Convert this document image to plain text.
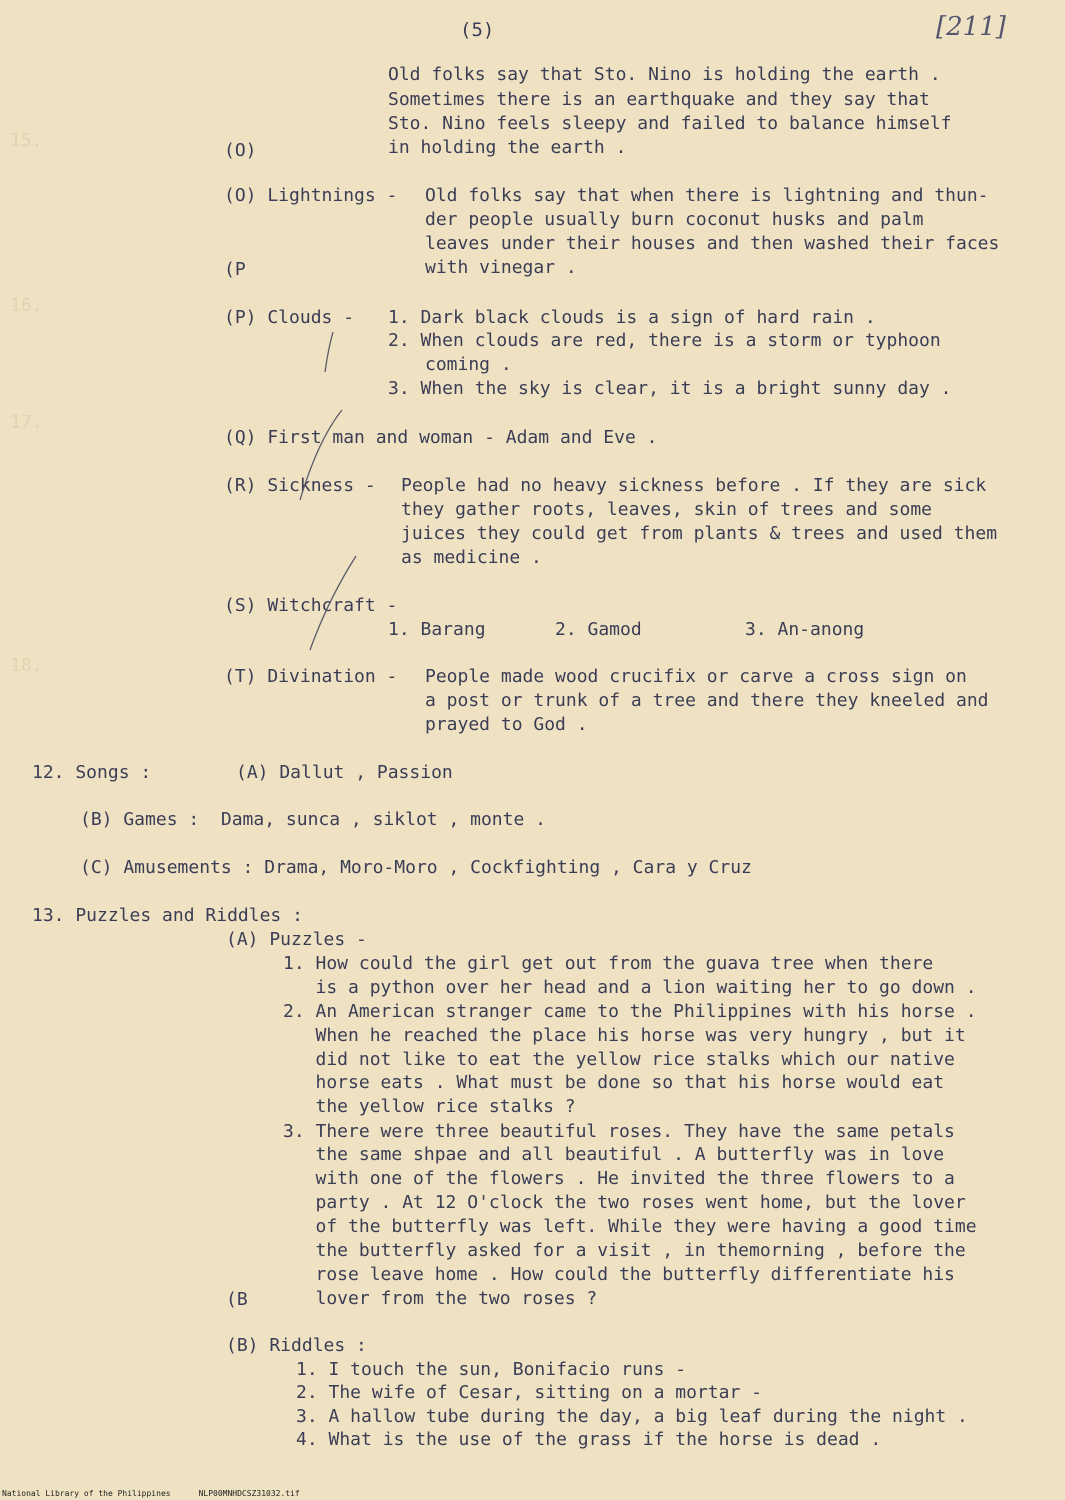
15.
16.
17.
18.
(5)	[211]
Old folks say that Sto. Nino is holding the earth .
Sometimes there is an earthquake and they say that
Sto. Nino feels sleepy and failed to balance himself
(O)	in holding the earth .
(O) Lightnings - Old folks say that when there is lightning and thun-
der people usually burn coconut husks and palm
leaves under their houses and then washed their faces
(P	with vinegar .
(P) Clouds - 1. Dark black clouds is a sign of hard rain .
2. When clouds are red, there is a storm or typhoon
coming .
3. When the sky is clear, it is a bright sunny day .
(Q) First man and woman - Adam and Eve .
(R) Sickness - People had no heavy sickness before . If they are sick
they gather roots, leaves, skin of trees and some
juices they could get from plants & trees and used them
as medicine .
(S) Witchcraft -
1. Barang	2. Gamod	3. An-anong
(T) Divination - People made wood crucifix or carve a cross sign on
a post or trunk of a tree and there they kneeled and
prayed to God .
12. Songs :	(A) Dallut , Passion
(B) Games :  Dama, sunca , siklot , monte .
(C) Amusements : Drama, Moro-Moro , Cockfighting , Cara y Cruz
13. Puzzles and Riddles :
(A) Puzzles -
1. How could the girl get out from the guava tree when there
is a python over her head and a lion waiting her to go down .
2. An American stranger came to the Philippines with his horse .
When he reached the place his horse was very hungry , but it
did not like to eat the yellow rice stalks which our native
horse eats . What must be done so that his horse would eat
the yellow rice stalks ?
3. There were three beautiful roses. They have the same petals
the same shpae and all beautiful . A butterfly was in love
with one of the flowers . He invited the three flowers to a
party . At 12 O'clock the two roses went home, but the lover
of the butterfly was left. While they were having a good time
the butterfly asked for a visit , in themorning , before the
rose leave home . How could the butterfly differentiate his
(B lover from the two roses ?
(B) Riddles :
1. I touch the sun, Bonifacio runs -
2. The wife of Cesar, sitting on a mortar -
3. A hallow tube during the day, a big leaf during the night .
4. What is the use of the grass if the horse is dead .
National Library of the Philippines	NLP00MNHDCSZ31032.tif
